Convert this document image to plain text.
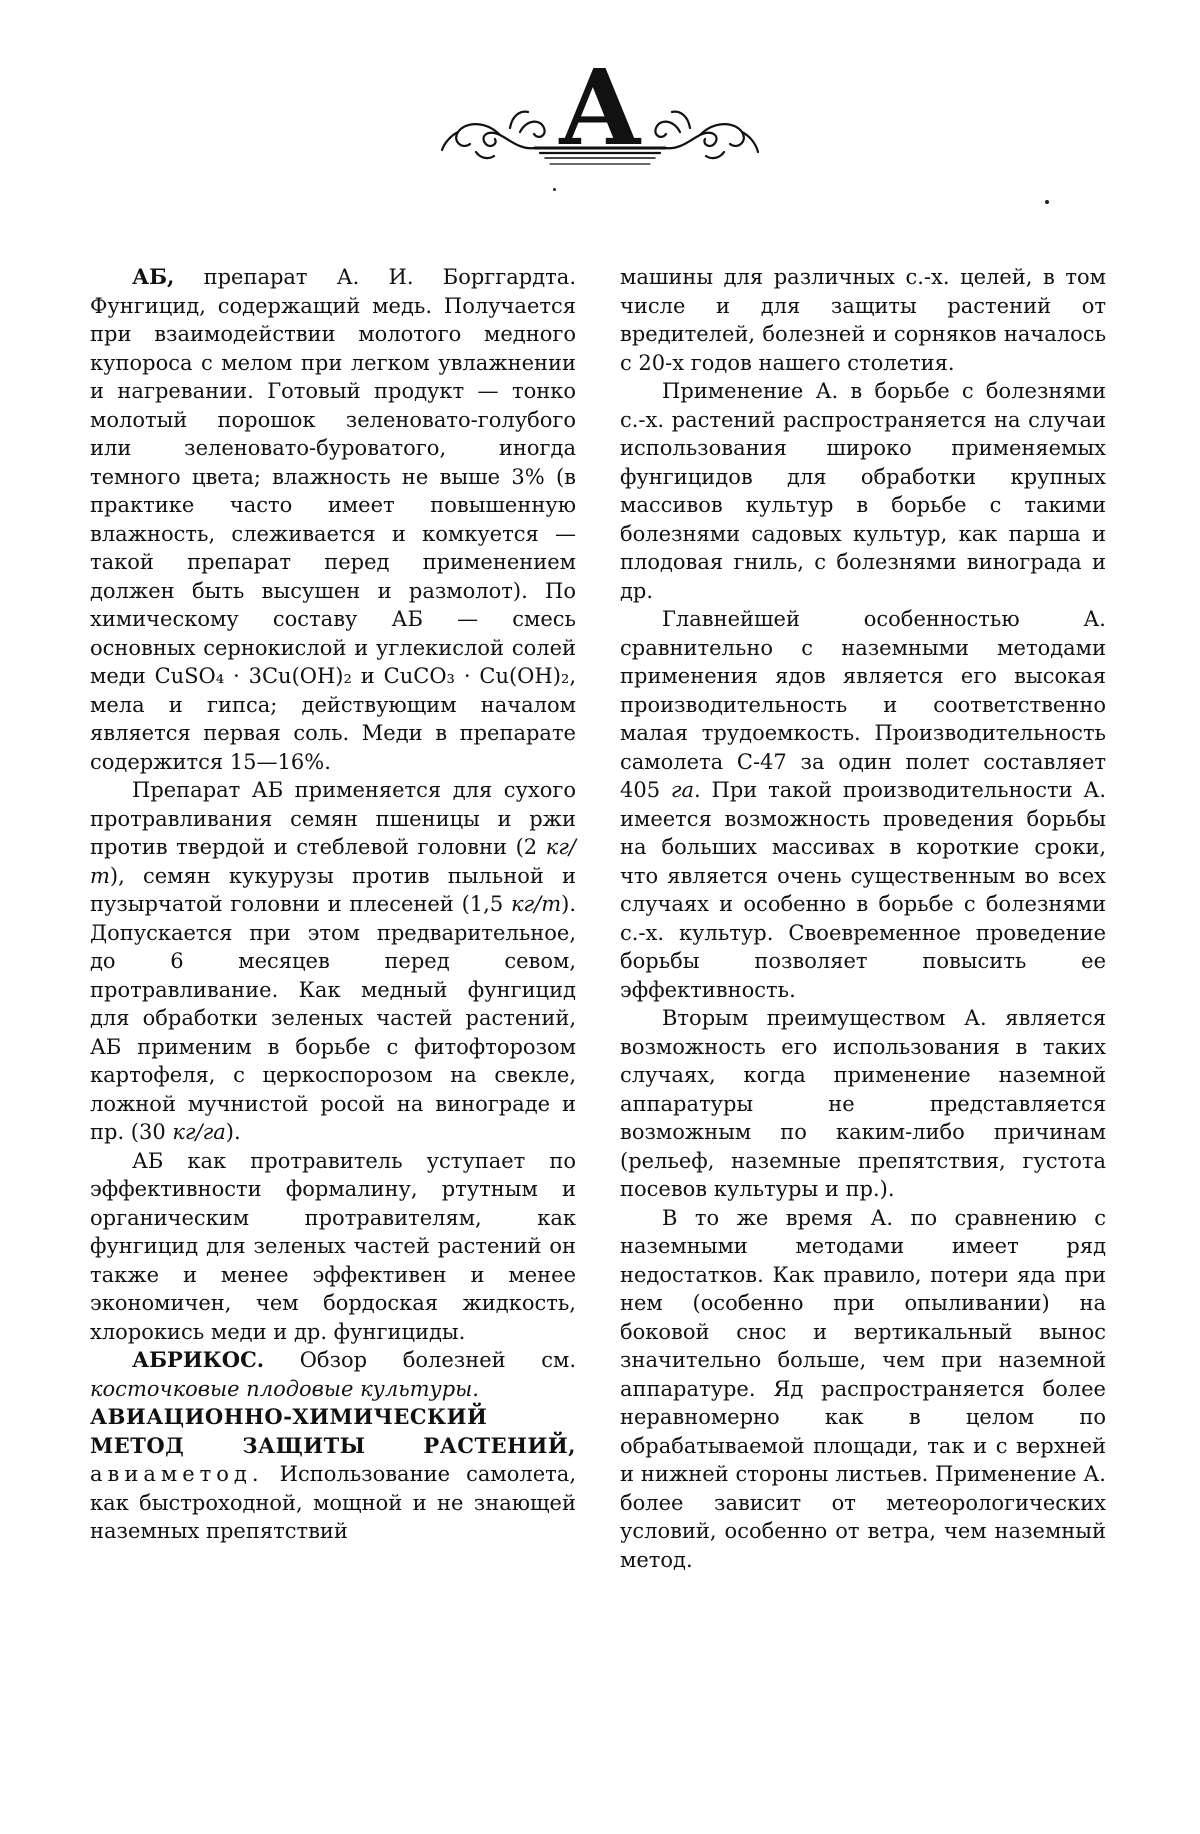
А

АБ, препарат А. И. Борггардта. Фунгицид, содержащий медь. Получается при взаимодействии молотого медного купороса с мелом при легком увлажнении и нагревании. Готовый продукт — тонко молотый порошок зеленовато-голубого или зеленовато-буроватого, иногда темного цвета; влажность не выше 3% (в практике часто имеет повышенную влажность, слеживается и комкуется — такой препарат перед применением должен быть высушен и размолот). По химическому составу АБ — смесь основных сернокислой и углекислой солей меди CuSO₄ · 3Cu(OH)₂ и CuCO₃ · Cu(OH)₂, мела и гипса; действующим началом является первая соль. Меди в препарате содержится 15—16%.

Препарат АБ применяется для сухого протравливания семян пшеницы и ржи против твердой и стеблевой головни (2 кг/т), семян кукурузы против пыльной и пузырчатой головни и плесеней (1,5 кг/т). Допускается при этом предварительное, до 6 месяцев перед севом, протравливание. Как медный фунгицид для обработки зеленых частей растений, АБ применим в борьбе с фитофторозом картофеля, с церкоспорозом на свекле, ложной мучнистой росой на винограде и пр. (30 кг/га).

АБ как протравитель уступает по эффективности формалину, ртутным и органическим протравителям, как фунгицид для зеленых частей растений он также и менее эффективен и менее экономичен, чем бордоская жидкость, хлорокись меди и др. фунгициды.

АБРИКОС. Обзор болезней см. косточковые плодовые культуры.

АВИАЦИОННО-ХИМИЧЕСКИЙ

МЕТОД ЗАЩИТЫ РАСТЕНИЙ,

авиаметод. Использование самолета, как быстроходной, мощной и не знающей наземных препятствий

машины для различных с.-х. целей, в том числе и для защиты растений от вредителей, болезней и сорняков началось с 20-х годов нашего столетия.

Применение А. в борьбе с болезнями с.-х. растений распространяется на случаи использования широко применяемых фунгицидов для обработки крупных массивов культур в борьбе с такими болезнями садовых культур, как парша и плодовая гниль, с болезнями винограда и др.

Главнейшей особенностью А. сравнительно с наземными методами применения ядов является его высокая производительность и соответственно малая трудоемкость. Производительность самолета С-47 за один полет составляет 405 га. При такой производительности А. имеется возможность проведения борьбы на больших массивах в короткие сроки, что является очень существенным во всех случаях и особенно в борьбе с болезнями с.-х. культур. Своевременное проведение борьбы позволяет повысить ее эффективность.

Вторым преимуществом А. является возможность его использования в таких случаях, когда применение наземной аппаратуры не представляется возможным по каким-либо причинам (рельеф, наземные препятствия, густота посевов культуры и пр.).

В то же время А. по сравнению с наземными методами имеет ряд недостатков. Как правило, потери яда при нем (особенно при опыливании) на боковой снос и вертикальный вынос значительно больше, чем при наземной аппаратуре. Яд распространяется более неравномерно как в целом по обрабатываемой площади, так и с верхней и нижней стороны листьев. Применение А. более зависит от метеорологических условий, особенно от ветра, чем наземный метод.
